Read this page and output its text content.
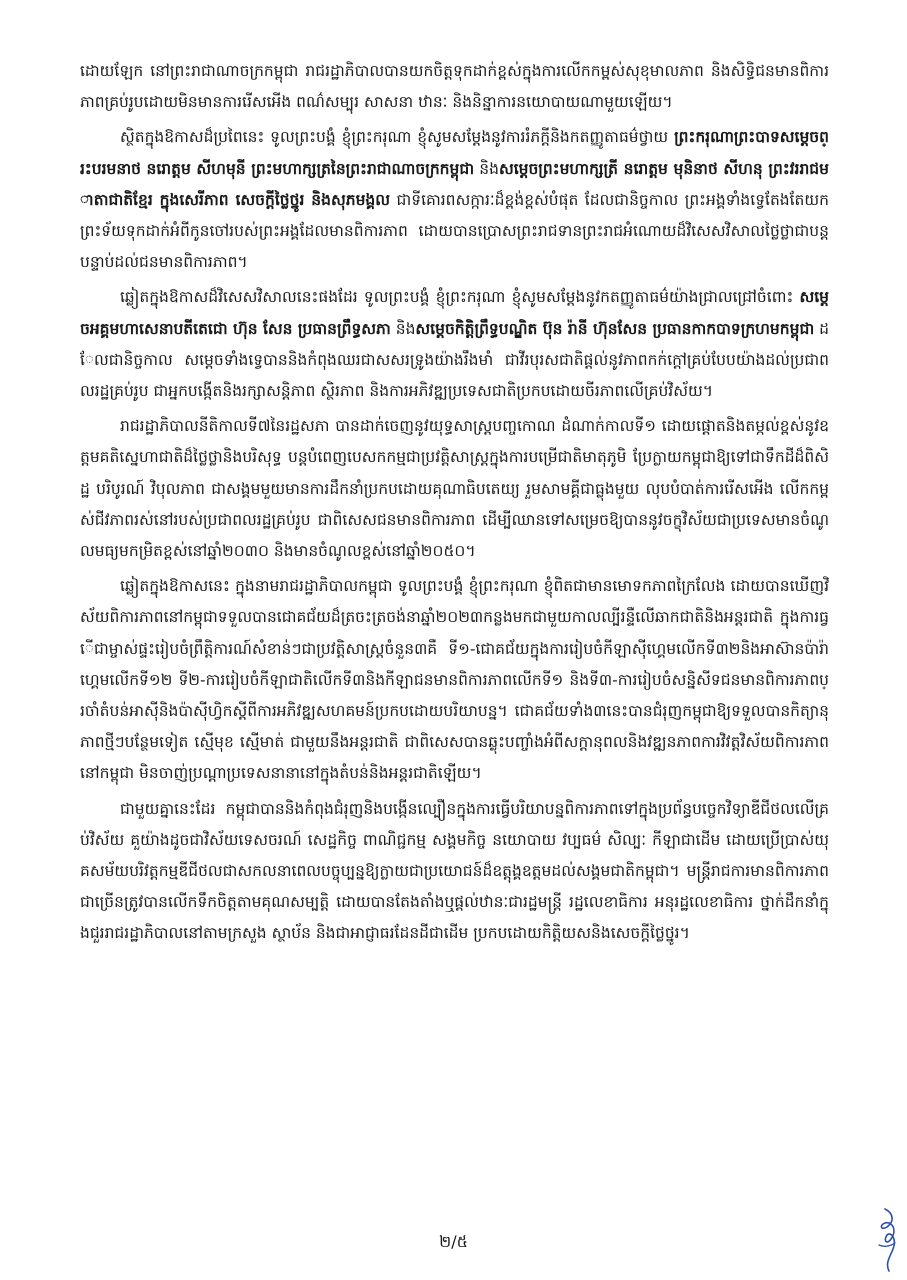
ដោយឡែក នៅព្រះរាជាណាចក្រកម្ពុជា រាជរដ្ឋាភិបាលបានយកចិត្តទុកដាក់ខ្ពស់ក្នុងការលើកកម្ពស់សុខុមាលភាព និងសិទ្ធិជនមានពិការភាពគ្រប់រូបដោយមិនមានការរើសអើង ពណ៌សម្បុរ សាសនា ឋានៈ និងនិន្នាការនយោបាយណាមួយឡើយ។

ស្ថិតក្នុងឱកាសដ៏ប្រពៃនេះ ទូលព្រះបង្គំ ខ្ញុំព្រះករុណា ខ្ញុំសូមសម្តែងនូវការរំភក្តីនិងកតញ្ញូតាធម៌ថ្វាយ ព្រះករុណាព្រះបាទសម្តេចព្រះបរមនាថ នរោត្តម សីហមុនី ព្រះមហាក្សត្រនៃព្រះរាជាណាចក្រកម្ពុជា និងសម្តេចព្រះមហាក្សត្រី នរោត្តម មុនិនាថ សីហនុ ព្រះវររាជមាតាជាតិខ្មែរ ក្នុងសេរីភាព សេចក្តីថ្លៃថ្នូរ និងសុភមង្គល ជាទីគោរពសក្ការៈដ៏ខ្ពង់ខ្ពស់បំផុត ដែលជានិច្ចកាល ព្រះអង្គទាំងទ្វេតែងតែយកព្រះទ័យទុកដាក់អំពីកូនចៅរបស់ព្រះអង្គដែលមានពិការភាព ដោយបានប្រោសព្រះរាជទានព្រះរាជអំណោយដ៏វិសេសវិសាលថ្លៃថ្លាជាបន្តបន្ទាប់ដល់ជនមានពិការភាព។

ឆ្លៀតក្នុងឱកាសដ៏វិសេសវិសាលនេះផងដែរ ទូលព្រះបង្គំ ខ្ញុំព្រះករុណា ខ្ញុំសូមសម្តែងនូវកតញ្ញូតាធម៌យ៉ាងជ្រាលជ្រៅចំពោះ សម្តេចអគ្គមហាសេនាបតីតេជោ ហ៊ុន សែន ប្រធានព្រឹទ្ធសភា និងសម្តេចកិត្តិព្រឹទ្ធបណ្ឌិត ប៊ុន រ៉ានី ហ៊ុនសែន ប្រធានកាកបាទក្រហមកម្ពុជា ដែលជានិច្ចកាល សម្តេចទាំងទ្វេបាននិងកំពុងឈរជាសសរទ្រូងយ៉ាងរឹងមាំ ជាវីរបុរសជាតិផ្តល់នូវភាពកក់ក្តៅគ្រប់បែបយ៉ាងដល់ប្រជាពលរដ្ឋគ្រប់រូប ជាអ្នកបង្កើតនិងរក្សាសន្តិភាព ស្ថិរភាព និងការអភិវឌ្ឍប្រទេសជាតិប្រកបដោយចីរភាពលើគ្រប់វិស័យ។

រាជរដ្ឋាភិបាលនីតិកាលទី៧នៃរដ្ឋសភា បានដាក់ចេញនូវយុទ្ធសាស្ត្របញ្ចកោណ ដំណាក់កាលទី១ ដោយផ្តោតនិងតម្កល់ខ្ពស់នូវឧត្តមគតិស្នេហាជាតិដ៏ថ្លៃថ្លានិងបរិសុទ្ធ បន្តបំពេញបេសកកម្មជាប្រវត្តិសាស្ត្រក្នុងការបម្រើជាតិមាតុភូមិ ប្រែក្លាយកម្ពុជាឱ្យទៅជាទឹកដីដ៏ពិសិដ្ឋ បរិបូរណ៍ វិបុលភាព ជាសង្គមមួយមានការដឹកនាំប្រកបដោយគុណាធិបតេយ្យ រួមសាមគ្គីជាធ្លុងមួយ លុបបំបាត់ការរើសអើង លើកកម្ពស់ជីវភាពរស់នៅរបស់ប្រជាពលរដ្ឋគ្រប់រូប ជាពិសេសជនមានពិការភាព ដើម្បីឈានទៅសម្រេចឱ្យបាននូវចក្ខុវិស័យជាប្រទេសមានចំណូលមធ្យមកម្រិតខ្ពស់នៅឆ្នាំ២០៣០ និងមានចំណូលខ្ពស់នៅឆ្នាំ២០៥០។

ឆ្លៀតក្នុងឱកាសនេះ ក្នុងនាមរាជរដ្ឋាភិបាលកម្ពុជា ទូលព្រះបង្គំ ខ្ញុំព្រះករុណា ខ្ញុំពិតជាមានមោទកភាពក្រៃលែង ដោយបានឃើញវិស័យពិការភាពនៅកម្ពុជាទទួលបានជោគជ័យដ៏ត្រចះត្រចង់នាឆ្នាំ២០២៣កន្លងមកជាមួយកាលល្បីរន្ទឺលើឆាកជាតិនិងអន្តរជាតិ ក្នុងការធ្វើជាម្ចាស់ផ្ទះរៀបចំព្រឹត្តិការណ៍សំខាន់ៗជាប្រវត្តិសាស្ត្រចំនួន៣គឺ ទី១-ជោគជ័យក្នុងការរៀបចំកីឡាស៊ីហ្គេមលើកទី៣២និងអាស៊ានប៉ារ៉ាហ្គេមលើកទី១២ ទី២-ការរៀបចំកីឡាជាតិលើកទី៣និងកីឡាជនមានពិការភាពលើកទី១ និងទី៣-ការរៀបចំសន្និសីទជនមានពិការភាពប្រចាំតំបន់អាស៊ីនិងប៉ាស៊ីហ្វិកស្តីពីការអភិវឌ្ឍសហគមន៍ប្រកបដោយបរិយាបន្ន។ ជោគជ័យទាំង៣នេះបានជំរុញកម្ពុជាឱ្យទទួលបានកិត្យានុភាពថ្មីៗបន្ថែមទៀត ស្មើមុខ ស្មើមាត់ ជាមួយនឹងអន្តរជាតិ ជាពិសេសបានឆ្លុះបញ្ចាំងអំពីសក្តានុពលនិងវឌ្ឍនភាពការវិវត្តវិស័យពិការភាពនៅកម្ពុជា មិនចាញ់ប្រណ្តាប្រទេសនានានៅក្នុងតំបន់និងអន្តរជាតិឡើយ។

ជាមួយគ្នានេះដែរ កម្ពុជាបាននិងកំពុងជំរុញនិងបង្កើនល្បឿនក្នុងការធ្វើបរិយាបន្នពិការភាពទៅក្នុងប្រព័ន្ធបច្ចេកវិទ្យាឌីជីថលលើគ្រប់វិស័យ គួយ៉ាងដូចជាវិស័យទេសចរណ៍ សេដ្ឋកិច្ច ពាណិជ្ជកម្ម សង្គមកិច្ច នយោបាយ វប្បធម៌ សិល្បៈ កីឡាជាដើម ដោយប្រើប្រាស់យុគសម័យបរិវត្តកម្មឌីជីថលជាសកលនាពេលបច្ចុប្បន្នឱ្យក្លាយជាប្រយោជន៍ដ៏ឧត្តុង្គឧត្តមដល់សង្គមជាតិកម្ពុជា។ មន្រ្តីរាជការមានពិការភាពជាច្រើនត្រូវបានលើកទឹកចិត្តតាមគុណសម្បត្តិ ដោយបានតែងតាំងឬផ្តល់ឋានៈជារដ្ឋមន្រ្តី រដ្ឋលេខាធិការ អនុរដ្ឋលេខាធិការ ថ្នាក់ដឹកនាំក្នុងជួររាជរដ្ឋាភិបាលនៅតាមក្រសួង ស្ថាប័ន និងជាអាជ្ញាធរដែនដីជាដើម ប្រកបដោយកិត្តិយសនិងសេចក្តីថ្លៃថ្នូរ។

២/៥
